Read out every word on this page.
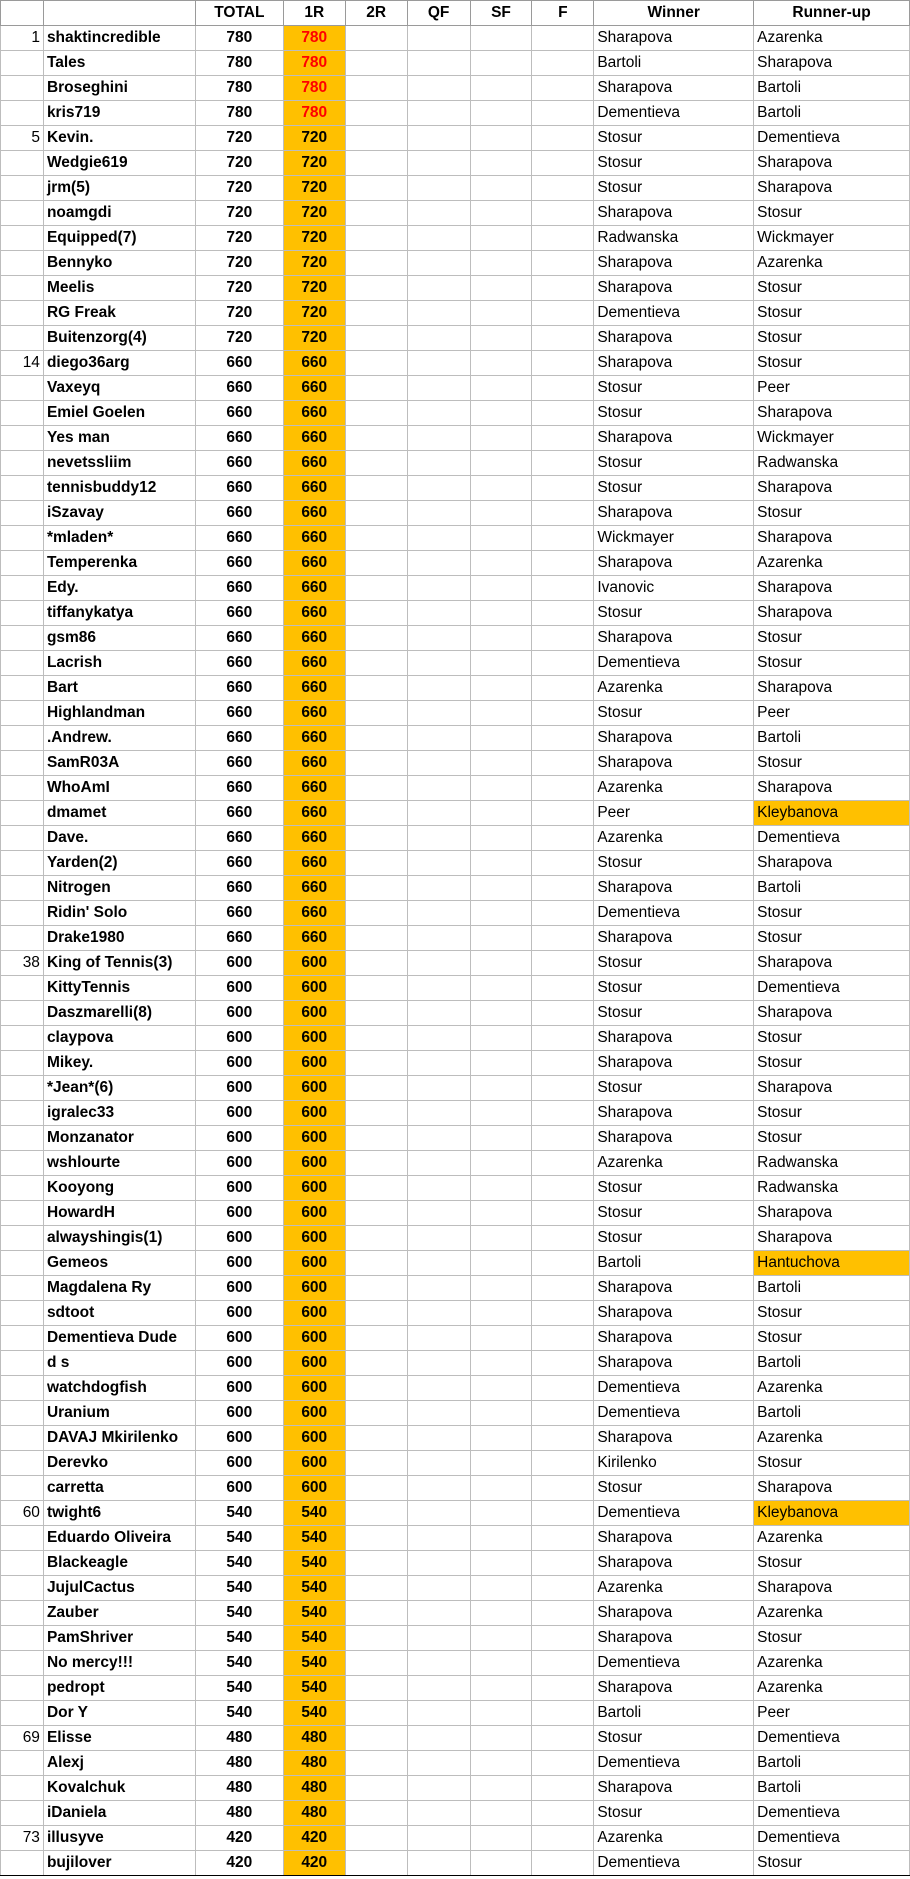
		TOTAL	1R	2R	QF	SF	F	Winner	Runner-up
1	shaktincredible	780	780					Sharapova	Azarenka
	Tales	780	780					Bartoli	Sharapova
	Broseghini	780	780					Sharapova	Bartoli
	kris719	780	780					Dementieva	Bartoli
5	Kevin.	720	720					Stosur	Dementieva
	Wedgie619	720	720					Stosur	Sharapova
	jrm(5)	720	720					Stosur	Sharapova
	noamgdi	720	720					Sharapova	Stosur
	Equipped(7)	720	720					Radwanska	Wickmayer
	Bennyko	720	720					Sharapova	Azarenka
	Meelis	720	720					Sharapova	Stosur
	RG Freak	720	720					Dementieva	Stosur
	Buitenzorg(4)	720	720					Sharapova	Stosur
14	diego36arg	660	660					Sharapova	Stosur
	Vaxeyq	660	660					Stosur	Peer
	Emiel Goelen	660	660					Stosur	Sharapova
	Yes man	660	660					Sharapova	Wickmayer
	nevetssliim	660	660					Stosur	Radwanska
	tennisbuddy12	660	660					Stosur	Sharapova
	iSzavay	660	660					Sharapova	Stosur
	*mladen*	660	660					Wickmayer	Sharapova
	Temperenka	660	660					Sharapova	Azarenka
	Edy.	660	660					Ivanovic	Sharapova
	tiffanykatya	660	660					Stosur	Sharapova
	gsm86	660	660					Sharapova	Stosur
	Lacrish	660	660					Dementieva	Stosur
	Bart	660	660					Azarenka	Sharapova
	Highlandman	660	660					Stosur	Peer
	.Andrew.	660	660					Sharapova	Bartoli
	SamR03A	660	660					Sharapova	Stosur
	WhoAmI	660	660					Azarenka	Sharapova
	dmamet	660	660					Peer	Kleybanova
	Dave.	660	660					Azarenka	Dementieva
	Yarden(2)	660	660					Stosur	Sharapova
	Nitrogen	660	660					Sharapova	Bartoli
	Ridin' Solo	660	660					Dementieva	Stosur
	Drake1980	660	660					Sharapova	Stosur
38	King of Tennis(3)	600	600					Stosur	Sharapova
	KittyTennis	600	600					Stosur	Dementieva
	Daszmarelli(8)	600	600					Stosur	Sharapova
	claypova	600	600					Sharapova	Stosur
	Mikey.	600	600					Sharapova	Stosur
	*Jean*(6)	600	600					Stosur	Sharapova
	igralec33	600	600					Sharapova	Stosur
	Monzanator	600	600					Sharapova	Stosur
	wshlourte	600	600					Azarenka	Radwanska
	Kooyong	600	600					Stosur	Radwanska
	HowardH	600	600					Stosur	Sharapova
	alwayshingis(1)	600	600					Stosur	Sharapova
	Gemeos	600	600					Bartoli	Hantuchova
	Magdalena Ry	600	600					Sharapova	Bartoli
	sdtoot	600	600					Sharapova	Stosur
	Dementieva Dude	600	600					Sharapova	Stosur
	d s	600	600					Sharapova	Bartoli
	watchdogfish	600	600					Dementieva	Azarenka
	Uranium	600	600					Dementieva	Bartoli
	DAVAJ Mkirilenko	600	600					Sharapova	Azarenka
	Derevko	600	600					Kirilenko	Stosur
	carretta	600	600					Stosur	Sharapova
60	twight6	540	540					Dementieva	Kleybanova
	Eduardo Oliveira	540	540					Sharapova	Azarenka
	Blackeagle	540	540					Sharapova	Stosur
	JujulCactus	540	540					Azarenka	Sharapova
	Zauber	540	540					Sharapova	Azarenka
	PamShriver	540	540					Sharapova	Stosur
	No mercy!!!	540	540					Dementieva	Azarenka
	pedropt	540	540					Sharapova	Azarenka
	Dor Y	540	540					Bartoli	Peer
69	Elisse	480	480					Stosur	Dementieva
	Alexj	480	480					Dementieva	Bartoli
	Kovalchuk	480	480					Sharapova	Bartoli
	iDaniela	480	480					Stosur	Dementieva
73	illusyve	420	420					Azarenka	Dementieva
	bujilover	420	420					Dementieva	Stosur
